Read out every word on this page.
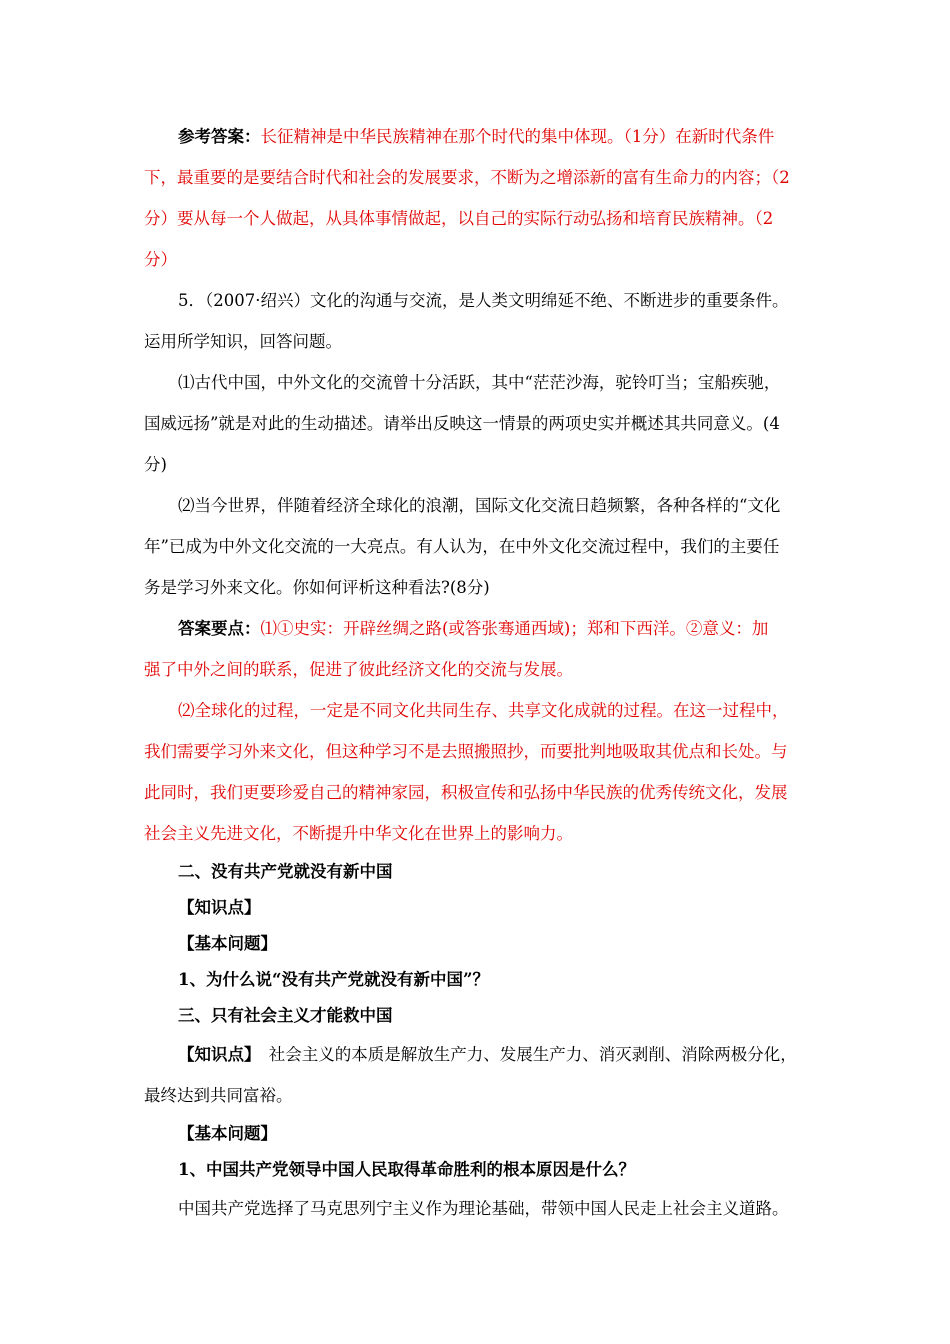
参考答案：长征精神是中华民族精神在那个时代的集中体现。（1分）在新时代条件
下，最重要的是要结合时代和社会的发展要求，不断为之增添新的富有生命力的内容；（2
分）要从每一个人做起，从具体事情做起，以自己的实际行动弘扬和培育民族精神。（2
分）
5．（2007·绍兴）文化的沟通与交流，是人类文明绵延不绝、不断进步的重要条件。
运用所学知识，回答问题。
⑴古代中国，中外文化的交流曾十分活跃，其中“茫茫沙海，驼铃叮当；宝船疾驰，
国威远扬”就是对此的生动描述。请举出反映这一情景的两项史实并概述其共同意义。(4
分)
⑵当今世界，伴随着经济全球化的浪潮，国际文化交流日趋频繁，各种各样的“文化
年”已成为中外文化交流的一大亮点。有人认为，在中外文化交流过程中，我们的主要任
务是学习外来文化。你如何评析这种看法?(8分)
答案要点：⑴①史实：开辟丝绸之路(或答张骞通西域)；郑和下西洋。②意义：加
强了中外之间的联系，促进了彼此经济文化的交流与发展。
⑵全球化的过程，一定是不同文化共同生存、共享文化成就的过程。在这一过程中，
我们需要学习外来文化，但这种学习不是去照搬照抄，而要批判地吸取其优点和长处。与
此同时，我们更要珍爱自己的精神家园，积极宣传和弘扬中华民族的优秀传统文化，发展
社会主义先进文化，不断提升中华文化在世界上的影响力。
二、没有共产党就没有新中国
【知识点】
【基本问题】
1、为什么说“没有共产党就没有新中国”？
三、只有社会主义才能救中国
【知识点】　社会主义的本质是解放生产力、发展生产力、消灭剥削、消除两极分化，
最终达到共同富裕。
【基本问题】
1、中国共产党领导中国人民取得革命胜利的根本原因是什么？
中国共产党选择了马克思列宁主义作为理论基础，带领中国人民走上社会主义道路。
